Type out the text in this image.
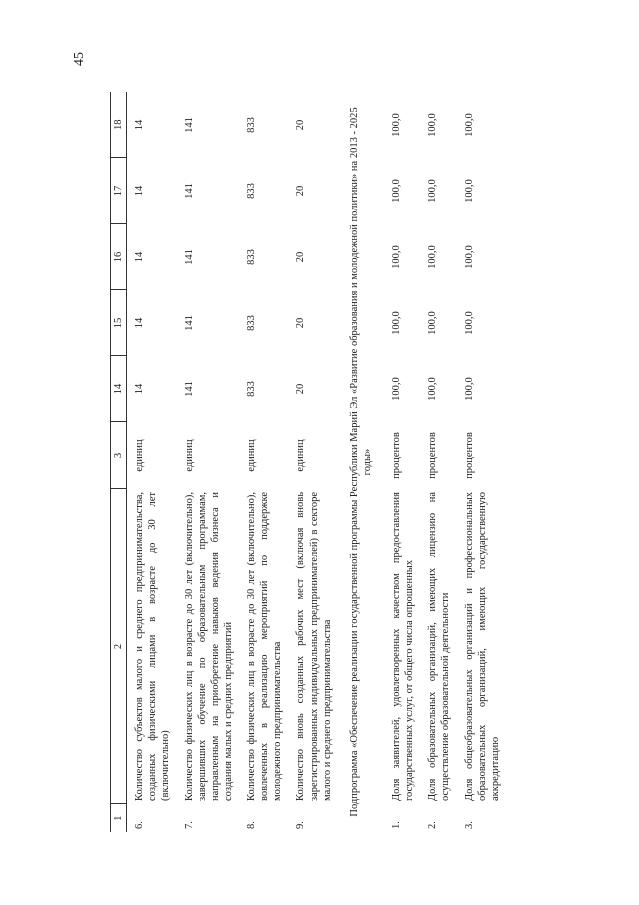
45
1	2	3	14	15	16	17	18
6.	Количество субъектов малого и среднего предпринимательства, созданных физическими лицами в возрасте до 30 лет (включительно)	единиц	14	14	14	14	14
7.	Количество физических лиц в возрасте до 30 лет (включительно), завершивших обучение по образовательным программам, направленным на приобретение навыков ведения бизнеса и создания малых и средних предприятий	единиц	141	141	141	141	141
8.	Количество физических лиц в возрасте до 30 лет (включительно), вовлеченных в реализацию мероприятий по поддержке молодежного предпринимательства	единиц	833	833	833	833	833
9.	Количество вновь созданных рабочих мест (включая вновь зарегистрированных индивидуальных предпринимателей) в секторе малого и среднего предпринимательства	единиц	20	20	20	20	20
Подпрограмма «Обеспечение реализации государственной программы Республики Марий Эл «Развитие образования и молодежной политики» на 2013 - 2025 годы»							
1.	Доля заявителей, удовлетворенных качеством предоставления государственных услуг, от общего числа опрошенных	процентов	100,0	100,0	100,0	100,0	100,0
2.	Доля образовательных организаций, имеющих лицензию на осуществление образовательной деятельности	процентов	100,0	100,0	100,0	100,0	100,0
3.	Доля общеобразовательных организаций и профессиональных образовательных организаций, имеющих государственную аккредитацию	процентов	100,0	100,0	100,0	100,0	100,0
